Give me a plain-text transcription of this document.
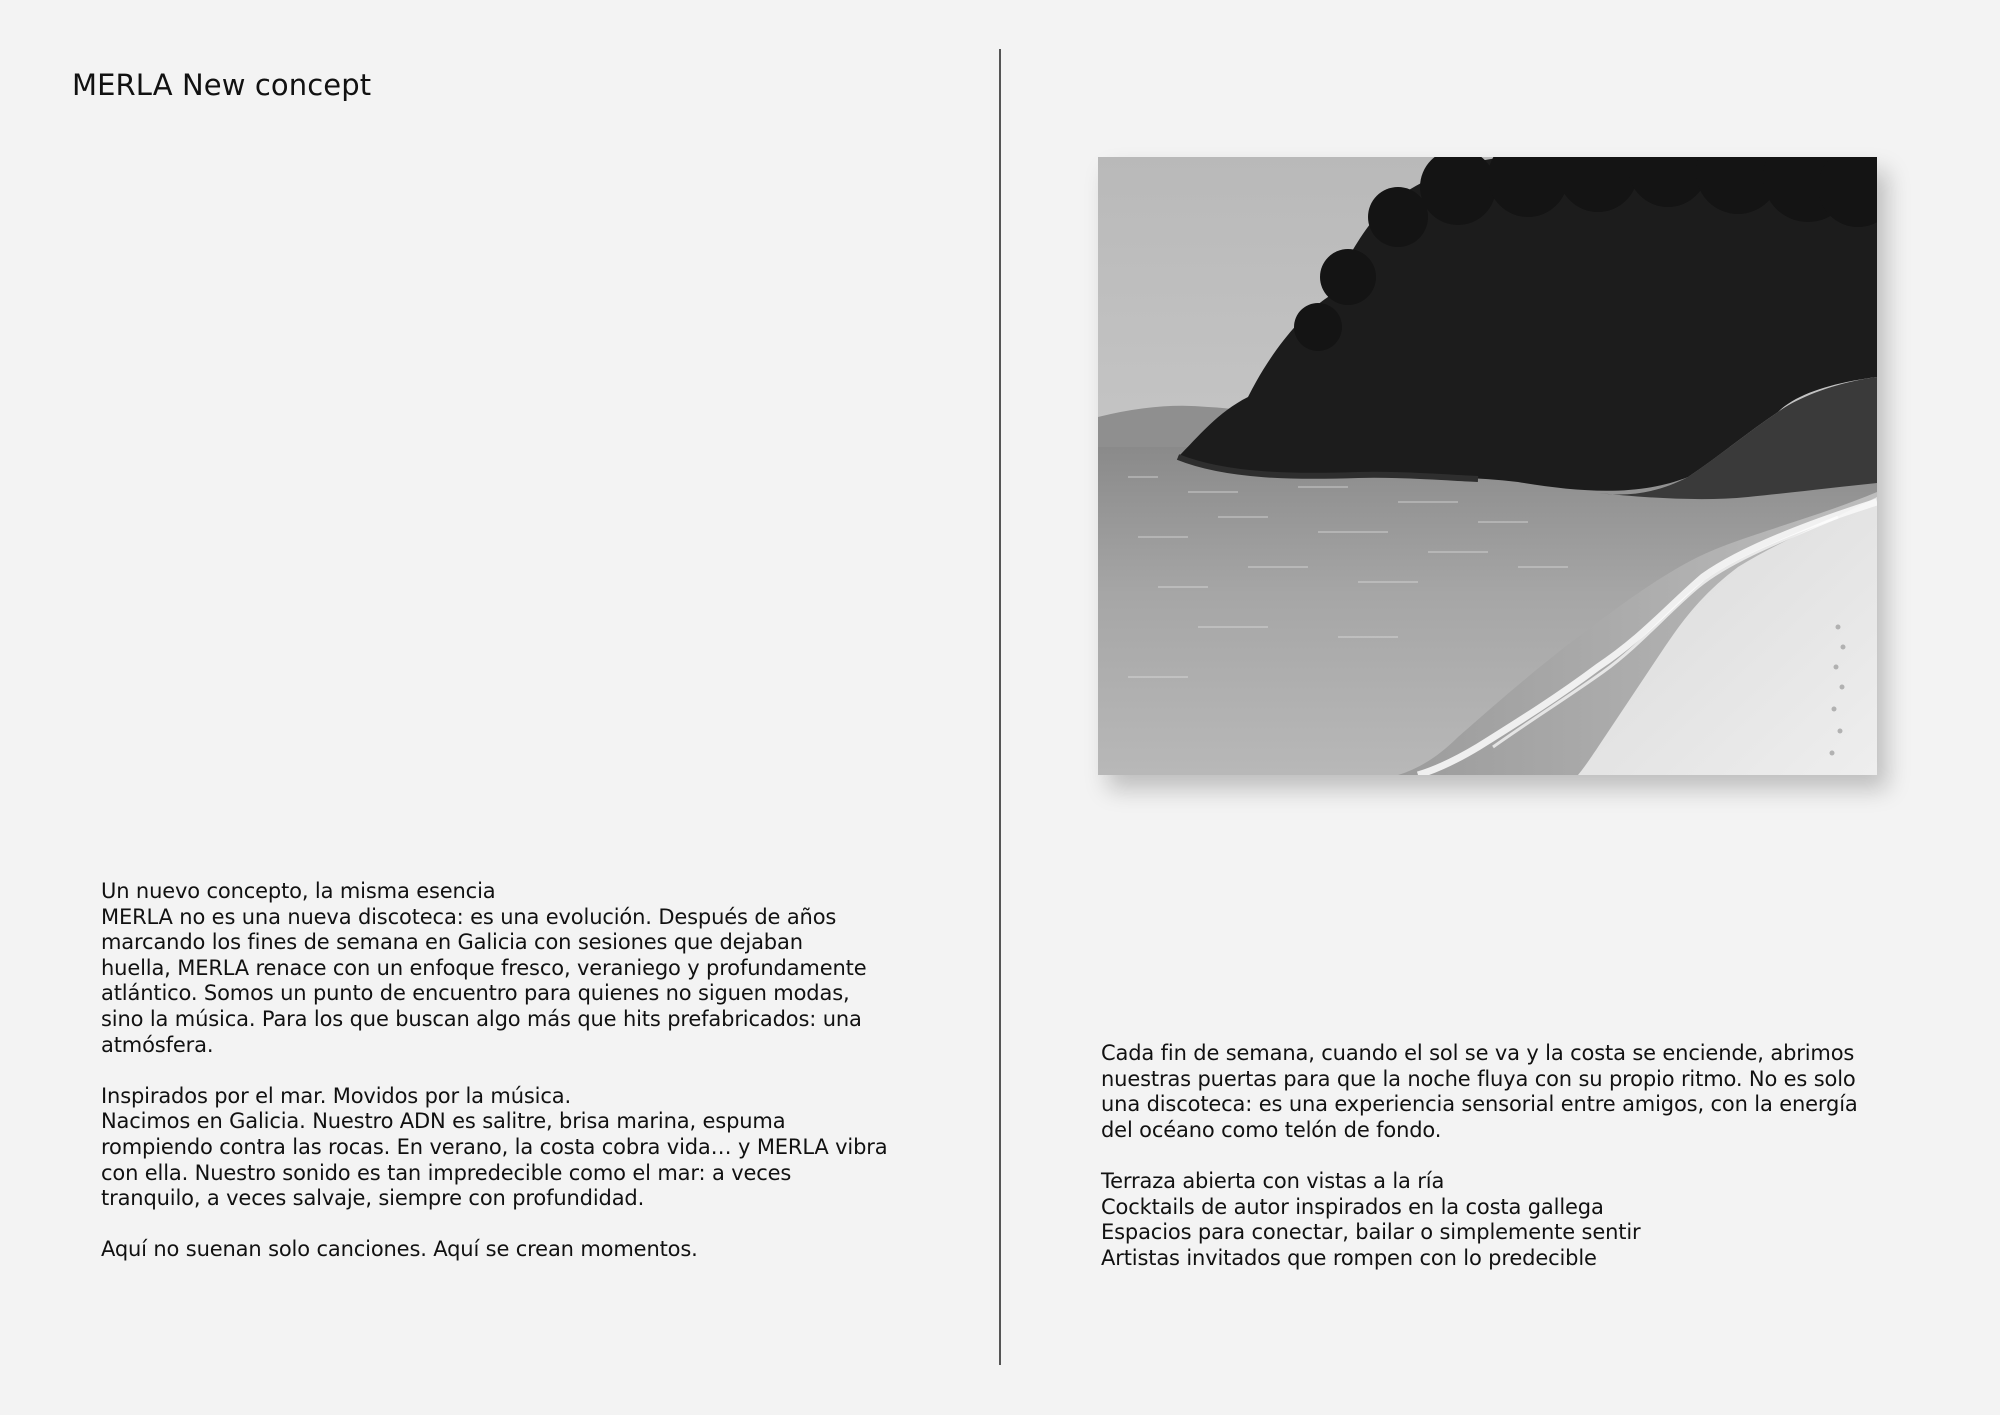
MERLA New concept
Un nuevo concepto, la misma esencia
MERLA no es una nueva discoteca: es una evolución. Después de años
marcando los fines de semana en Galicia con sesiones que dejaban
huella, MERLA renace con un enfoque fresco, veraniego y profundamente
atlántico. Somos un punto de encuentro para quienes no siguen modas,
sino la música. Para los que buscan algo más que hits prefabricados: una
atmósfera.
Inspirados por el mar. Movidos por la música.
Nacimos en Galicia. Nuestro ADN es salitre, brisa marina, espuma
rompiendo contra las rocas. En verano, la costa cobra vida… y MERLA vibra
con ella. Nuestro sonido es tan impredecible como el mar: a veces
tranquilo, a veces salvaje, siempre con profundidad.
Aquí no suenan solo canciones. Aquí se crean momentos.
Cada fin de semana, cuando el sol se va y la costa se enciende, abrimos
nuestras puertas para que la noche fluya con su propio ritmo. No es solo
una discoteca: es una experiencia sensorial entre amigos, con la energía
del océano como telón de fondo.
Terraza abierta con vistas a la ría
Cocktails de autor inspirados en la costa gallega
Espacios para conectar, bailar o simplemente sentir
Artistas invitados que rompen con lo predecible
